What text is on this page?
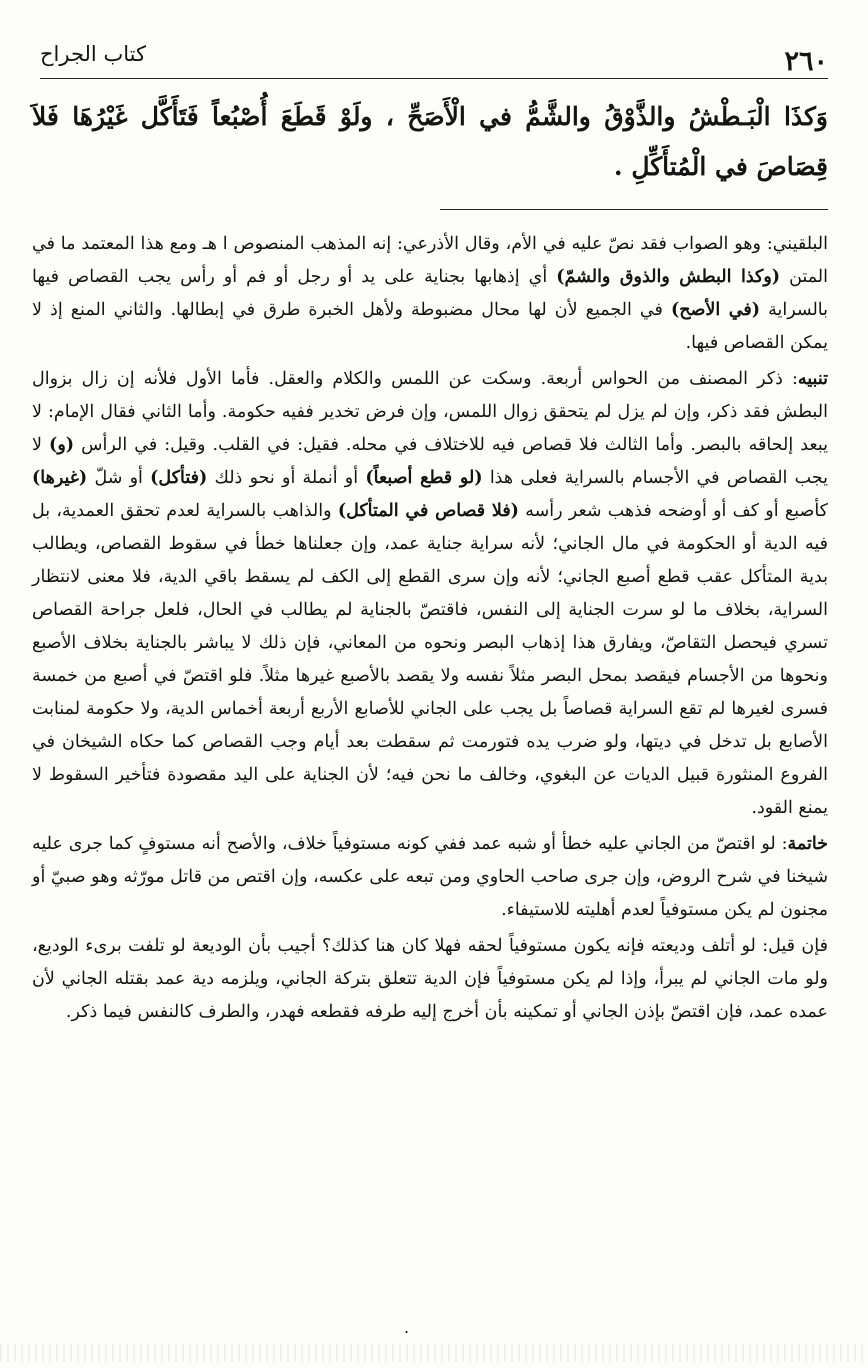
٢٦٠
كتاب الجراح
وَكذَا الْبَـطْشُ والذَّوْقُ والشَّمُّ في الْأَصَحِّ ، ولَوْ قَطَعَ أُصْبُعاً فَتَأَكَّل غَيْرُهَا فَلاَ قِصَاصَ في الْمُتأَكِّلِ .

البلقيني: وهو الصواب فقد نصّ عليه في الأم، وقال الأذرعي: إنه المذهب المنصوص ا هـ ومع هذا المعتمد ما في المتن (وكذا البطش والذوق والشمّ) أي إذهابها بجناية على يد أو رجل أو فم أو رأس يجب القصاص فيها بالسراية (في الأصح) في الجميع لأن لها محال مضبوطة ولأهل الخبرة طرق في إبطالها. والثاني المنع إذ لا يمكن القصاص فيها.

تنبيه: ذكر المصنف من الحواس أربعة. وسكت عن اللمس والكلام والعقل. فأما الأول فلأنه إن زال بزوال البطش فقد ذكر، وإن لم يزل لم يتحقق زوال اللمس، وإن فرض تخدير ففيه حكومة. وأما الثاني فقال الإمام: لا يبعد إلحاقه بالبصر. وأما الثالث فلا قصاص فيه للاختلاف في محله. فقيل: في القلب. وقيل: في الرأس (و) لا يجب القصاص في الأجسام بالسراية فعلى هذا (لو قطع أصبعاً) أو أنملة أو نحو ذلك (فتأكل) أو شلّ (غيرها) كأصبع أو كف أو أوضحه فذهب شعر رأسه (فلا قصاص في المتأكل) والذاهب بالسراية لعدم تحقق العمدية، بل فيه الدية أو الحكومة في مال الجاني؛ لأنه سراية جناية عمد، وإن جعلناها خطأ في سقوط القصاص، ويطالب بدية المتأكل عقب قطع أصبع الجاني؛ لأنه وإن سرى القطع إلى الكف لم يسقط باقي الدية، فلا معنى لانتظار السراية، بخلاف ما لو سرت الجناية إلى النفس، فاقتصّ بالجناية لم يطالب في الحال، فلعل جراحة القصاص تسري فيحصل التقاصّ، ويفارق هذا إذهاب البصر ونحوه من المعاني، فإن ذلك لا يباشر بالجناية بخلاف الأصبع ونحوها من الأجسام فيقصد بمحل البصر مثلاً نفسه ولا يقصد بالأصبع غيرها مثلاً. فلو اقتصّ في أصبع من خمسة فسرى لغيرها لم تقع السراية قصاصاً بل يجب على الجاني للأصابع الأربع أربعة أخماس الدية، ولا حكومة لمنابت الأصابع بل تدخل في ديتها، ولو ضرب يده فتورمت ثم سقطت بعد أيام وجب القصاص كما حكاه الشيخان في الفروع المنثورة قبيل الديات عن البغوي، وخالف ما نحن فيه؛ لأن الجناية على اليد مقصودة فتأخير السقوط لا يمنع القود.

خاتمة: لو اقتصّ من الجاني عليه خطأ أو شبه عمد ففي كونه مستوفياً خلاف، والأصح أنه مستوفٍ كما جرى عليه شيخنا في شرح الروض، وإن جرى صاحب الحاوي ومن تبعه على عكسه، وإن اقتص من قاتل مورّثه وهو صبيّ أو مجنون لم يكن مستوفياً لعدم أهليته للاستيفاء.

فإن قيل: لو أتلف وديعته فإنه يكون مستوفياً لحقه فهلا كان هنا كذلك؟ أجيب بأن الوديعة لو تلفت برىء الوديع، ولو مات الجاني لم يبرأ، وإذا لم يكن مستوفياً فإن الدية تتعلق بتركة الجاني، ويلزمه دية عمد بقتله الجاني لأن عمده عمد، فإن اقتصّ بإذن الجاني أو تمكينه بأن أخرج إليه طرفه فقطعه فهدر، والطرف كالنفس فيما ذكر.

.
